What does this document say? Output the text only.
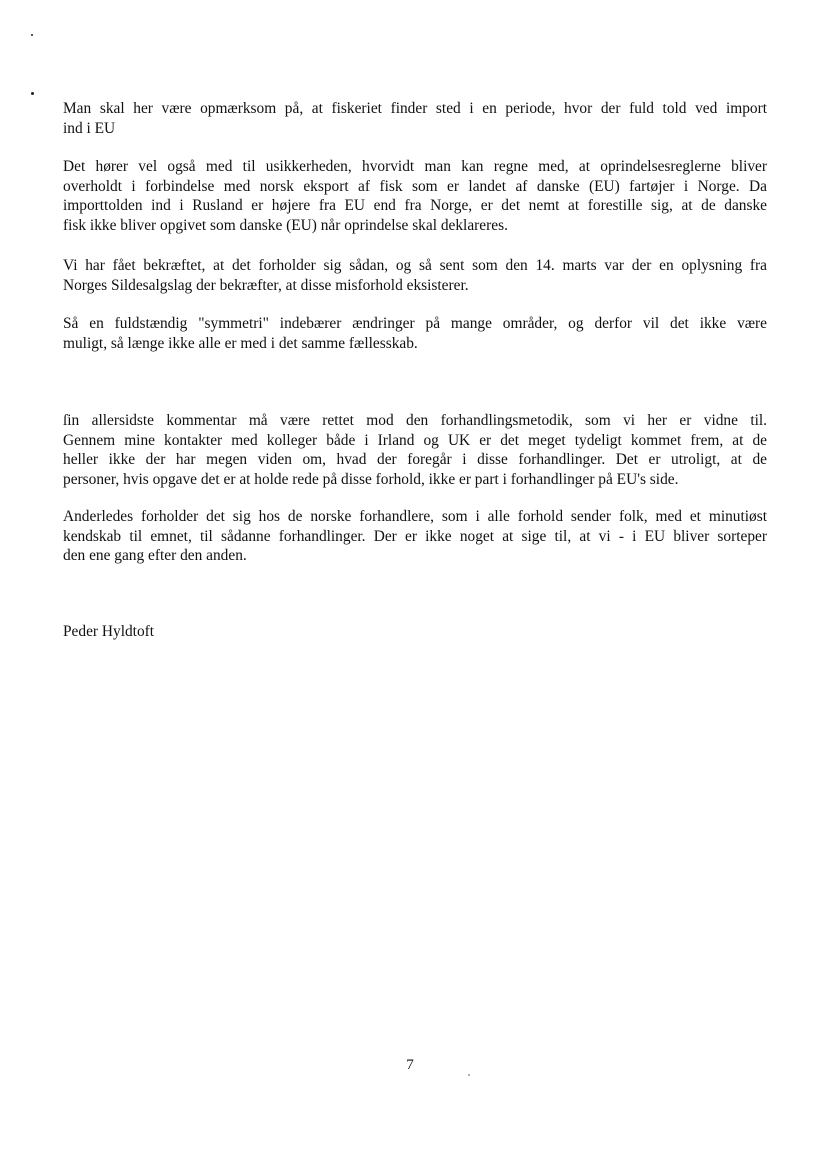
Man skal her være opmærksom på, at fiskeriet finder sted i en periode, hvor der fuld told ved import
ind i EU

Det hører vel også med til usikkerheden, hvorvidt man kan regne med, at oprindelsesreglerne bliver
overholdt i forbindelse med norsk eksport af fisk som er landet af danske (EU) fartøjer i Norge. Da
importtolden ind i Rusland er højere fra EU end fra Norge, er det nemt at forestille sig, at de danske
fisk ikke bliver opgivet som danske (EU) når oprindelse skal deklareres.

Vi har fået bekræftet, at det forholder sig sådan, og så sent som den 14. marts var der en oplysning fra
Norges Sildesalgslag der bekræfter, at disse misforhold eksisterer.

Så en fuldstændig "symmetri" indebærer ændringer på mange områder, og derfor vil det ikke være
muligt, så længe ikke alle er med i det samme fællesskab.

ſin allersidste kommentar må være rettet mod den forhandlingsmetodik, som vi her er vidne til.
Gennem mine kontakter med kolleger både i Irland og UK er det meget tydeligt kommet frem, at de
heller ikke der har megen viden om, hvad der foregår i disse forhandlinger. Det er utroligt, at de
personer, hvis opgave det er at holde rede på disse forhold, ikke er part i forhandlinger på EU's side.

Anderledes forholder det sig hos de norske forhandlere, som i alle forhold sender folk, med et minutiøst
kendskab til emnet, til sådanne forhandlinger. Der er ikke noget at sige til, at vi - i EU bliver sorteper
den ene gang efter den anden.

Peder Hyldtoft

7
